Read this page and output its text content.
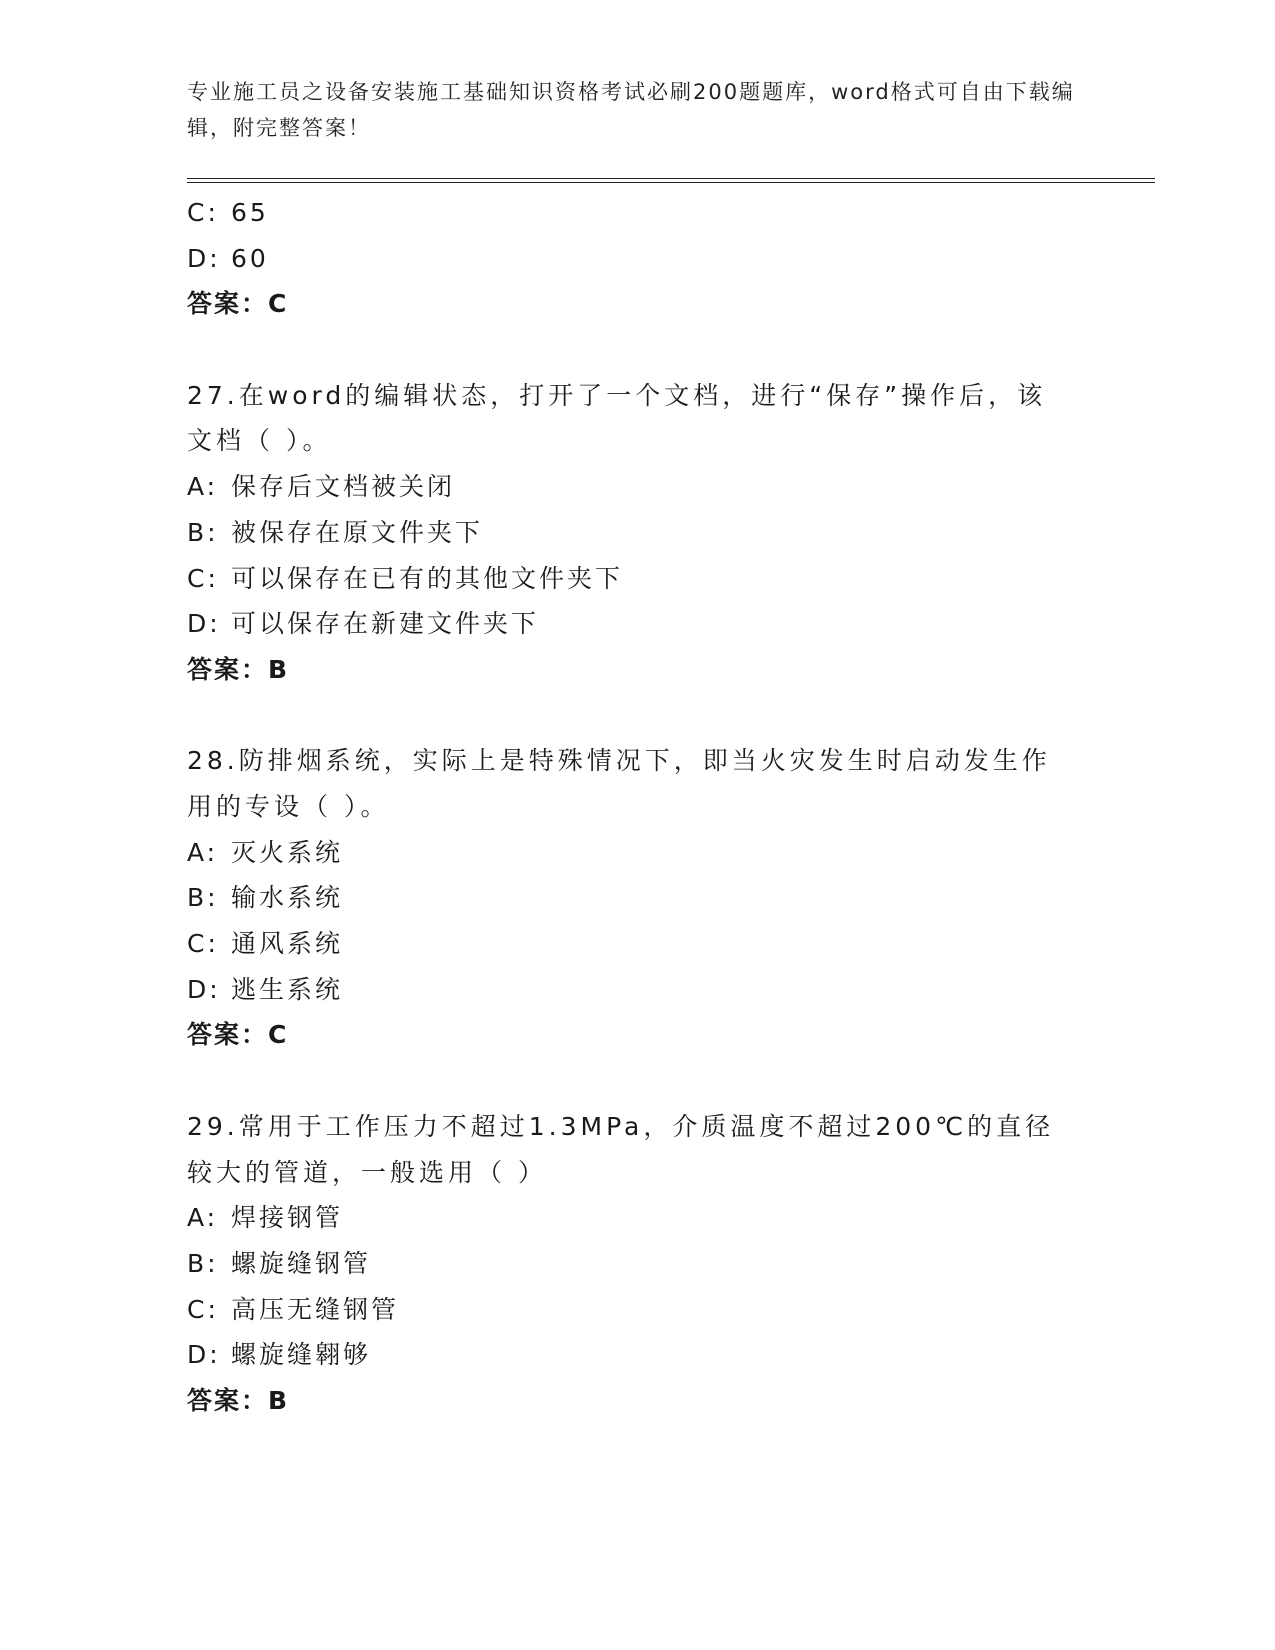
专业施工员之设备安装施工基础知识资格考试必刷200题题库，word格式可自由下载编辑，附完整答案！
C: 65
D: 60
答案：C
27.在word的编辑状态，打开了一个文档，进行“保存”操作后，该文档（ ）。
A: 保存后文档被关闭
B: 被保存在原文件夹下
C: 可以保存在已有的其他文件夹下
D: 可以保存在新建文件夹下
答案：B
28.防排烟系统，实际上是特殊情况下，即当火灾发生时启动发生作用的专设（ ）。
A: 灭火系统
B: 输水系统
C: 通风系统
D: 逃生系统
答案：C
29.常用于工作压力不超过1.3MPa，介质温度不超过200℃的直径较大的管道，一般选用（ ）
A: 焊接钢管
B: 螺旋缝钢管
C: 高压无缝钢管
D: 螺旋缝翱够
答案：B
